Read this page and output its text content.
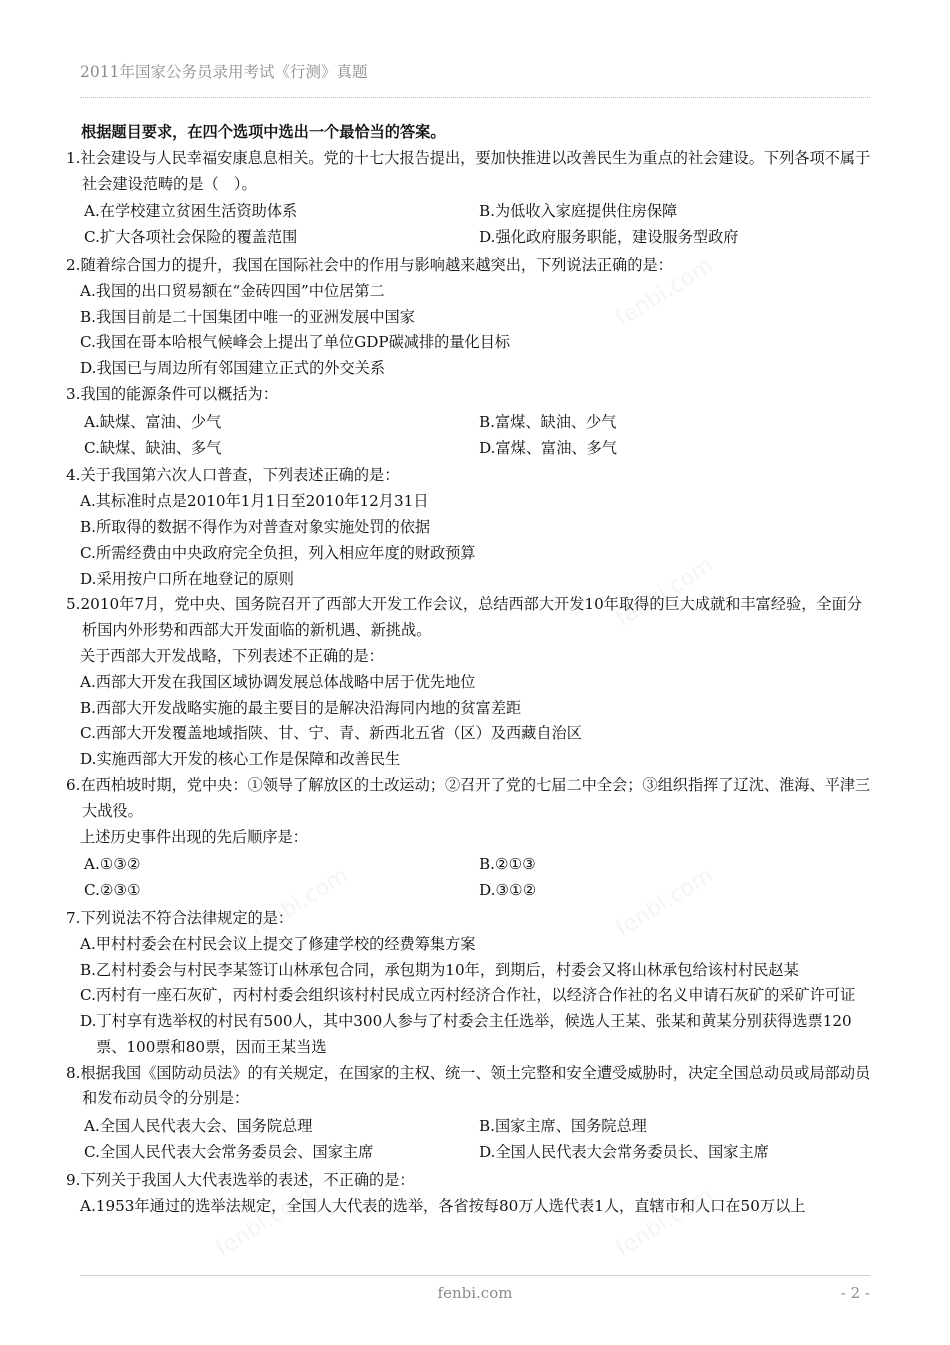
2011年国家公务员录用考试《行测》真题
fenbi.com
fenbi.com
fenbi.com	fenbi.com
fenbi.com	fenbi.com
根据题目要求，在四个选项中选出一个最恰当的答案。
1.社会建设与人民幸福安康息息相关。党的十七大报告提出，要加快推进以改善民生为重点的社会建设。下列各项不属于社会建设范畴的是（　）。
A.在学校建立贫困生活资助体系	B.为低收入家庭提供住房保障
C.扩大各项社会保险的覆盖范围	D.强化政府服务职能，建设服务型政府
2.随着综合国力的提升，我国在国际社会中的作用与影响越来越突出，下列说法正确的是：
A.我国的出口贸易额在“金砖四国”中位居第二
B.我国目前是二十国集团中唯一的亚洲发展中国家
C.我国在哥本哈根气候峰会上提出了单位GDP碳减排的量化目标
D.我国已与周边所有邻国建立正式的外交关系
3.我国的能源条件可以概括为：
A.缺煤、富油、少气	B.富煤、缺油、少气
C.缺煤、缺油、多气	D.富煤、富油、多气
4.关于我国第六次人口普查，下列表述正确的是：
A.其标准时点是2010年1月1日至2010年12月31日
B.所取得的数据不得作为对普查对象实施处罚的依据
C.所需经费由中央政府完全负担，列入相应年度的财政预算
D.采用按户口所在地登记的原则
5.2010年7月，党中央、国务院召开了西部大开发工作会议，总结西部大开发10年取得的巨大成就和丰富经验，全面分析国内外形势和西部大开发面临的新机遇、新挑战。
关于西部大开发战略，下列表述不正确的是：
A.西部大开发在我国区域协调发展总体战略中居于优先地位
B.西部大开发战略实施的最主要目的是解决沿海同内地的贫富差距
C.西部大开发覆盖地域指陕、甘、宁、青、新西北五省（区）及西藏自治区
D.实施西部大开发的核心工作是保障和改善民生
6.在西柏坡时期，党中央：①领导了解放区的土改运动；②召开了党的七届二中全会；③组织指挥了辽沈、淮海、平津三大战役。
上述历史事件出现的先后顺序是：
A.①③②	B.②①③
C.②③①	D.③①②
7.下列说法不符合法律规定的是：
A.甲村村委会在村民会议上提交了修建学校的经费筹集方案
B.乙村村委会与村民李某签订山林承包合同，承包期为10年，到期后，村委会又将山林承包给该村村民赵某
C.丙村有一座石灰矿，丙村村委会组织该村村民成立丙村经济合作社，以经济合作社的名义申请石灰矿的采矿许可证
D.丁村享有选举权的村民有500人，其中300人参与了村委会主任选举，候选人王某、张某和黄某分别获得选票120票、100票和80票，因而王某当选
8.根据我国《国防动员法》的有关规定，在国家的主权、统一、领土完整和安全遭受威胁时，决定全国总动员或局部动员和发布动员令的分别是：
A.全国人民代表大会、国务院总理	B.国家主席、国务院总理
C.全国人民代表大会常务委员会、国家主席	D.全国人民代表大会常务委员长、国家主席
9.下列关于我国人大代表选举的表述，不正确的是：
A.1953年通过的选举法规定，全国人大代表的选举，各省按每80万人选代表1人，直辖市和人口在50万以上
fenbi.com	- 2 -
